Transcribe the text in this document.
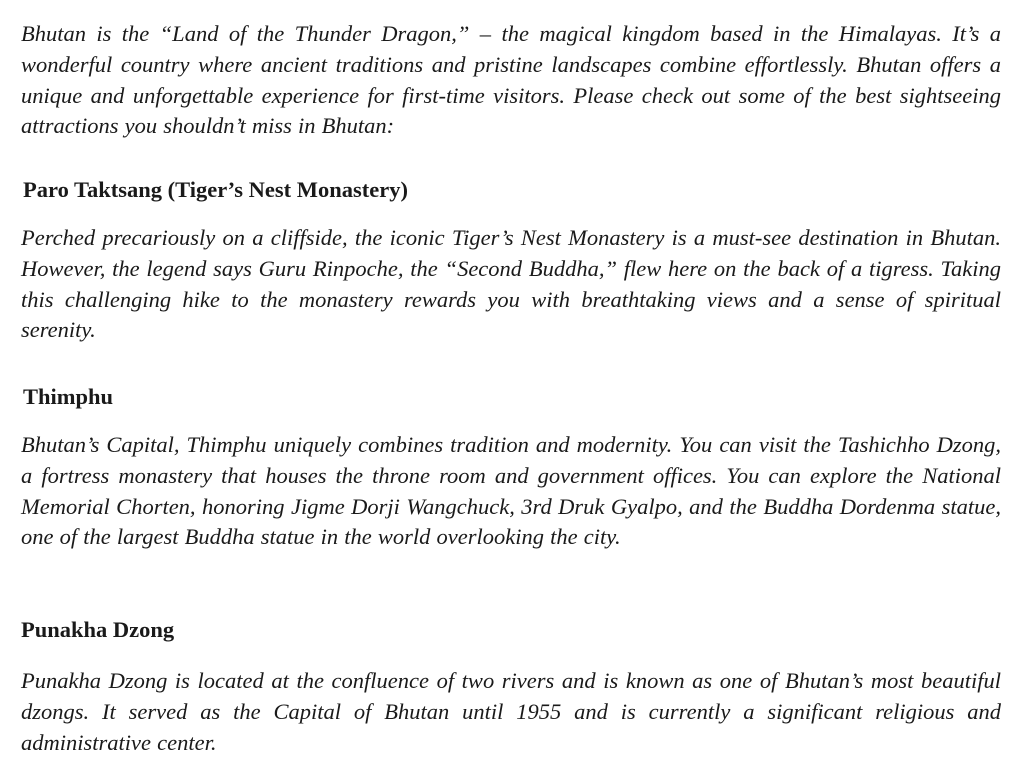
Bhutan is the “Land of the Thunder Dragon,” – the magical kingdom based in the Himalayas. It’s a wonderful country where ancient traditions and pristine landscapes combine effortlessly. Bhutan offers a unique and unforgettable experience for first-time visitors. Please check out some of the best sightseeing attractions you shouldn’t miss in Bhutan:

Paro Taktsang (Tiger’s Nest Monastery)

Perched precariously on a cliffside, the iconic Tiger’s Nest Monastery is a must-see destination in Bhutan. However, the legend says Guru Rinpoche, the “Second Buddha,” flew here on the back of a tigress. Taking this challenging hike to the monastery rewards you with breathtaking views and a sense of spiritual serenity.

Thimphu

Bhutan’s Capital, Thimphu uniquely combines tradition and modernity. You can visit the Tashichho Dzong, a fortress monastery that houses the throne room and government offices. You can explore the National Memorial Chorten, honoring Jigme Dorji Wangchuck, 3rd Druk Gyalpo, and the Buddha Dordenma statue, one of the largest Buddha statue in the world overlooking the city.

Punakha Dzong

Punakha Dzong is located at the confluence of two rivers and is known as one of Bhutan’s most beautiful dzongs. It served as the Capital of Bhutan until 1955 and is currently a significant religious and administrative center.
